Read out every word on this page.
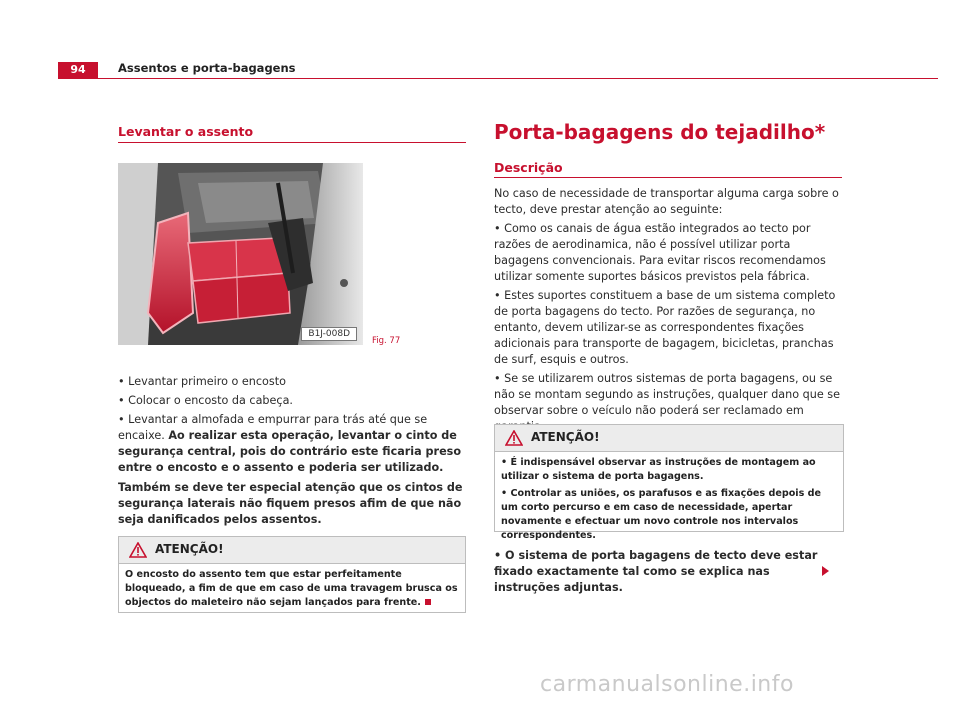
94	Assentos e porta-bagagens
Levantar o assento
B1J-008D
Fig. 77

• Levantar primeiro o encosto

• Colocar o encosto da cabeça.

• Levantar a almofada e empurrar para trás até que se encaixe. Ao realizar esta operação, levantar o cinto de segurança central, pois do contrário este ficaria preso entre o encosto e o assento e poderia ser utilizado.

Também se deve ter especial atenção que os cintos de segurança laterais não fiquem presos afim de que não seja danificados pelos assentos.

ATENÇÃO!

O encosto do assento tem que estar perfeitamente bloqueado, a fim de que em caso de uma travagem brusca os objectos do maleteiro não sejam lançados para frente.

Porta-bagagens do tejadilho*
Descrição

No caso de necessidade de transportar alguma carga sobre o tecto, deve prestar atenção ao seguinte:

• Como os canais de água estão integrados ao tecto por razões de aerodinamica, não é possível utilizar porta bagagens convencionais. Para evitar riscos recomendamos utilizar somente suportes básicos previstos pela fábrica.

• Estes suportes constituem a base de um sistema completo de porta bagagens do tecto. Por razões de segurança, no entanto, devem utilizar-se as correspondentes fixações adicionais para transporte de bagagem, bicicletas, pranchas de surf, esquis e outros.

• Se se utilizarem outros sistemas de porta bagagens, ou se não se montam segundo as instruções, qualquer dano que se observar sobre o veículo não poderá ser reclamado em

ATENÇÃO!

• É indispensável observar as instruções de montagem ao utilizar o sistema de porta bagagens.

• Controlar as uniões, os parafusos e as fixações depois de um corto percurso e em caso de necessidade, apertar novamente e efectuar um novo controle nos intervalos correspondentes.

• O sistema de porta bagagens de tecto deve estar fixado exactamente tal como se explica nas instruções adjuntas.
carmanualsonline.info
